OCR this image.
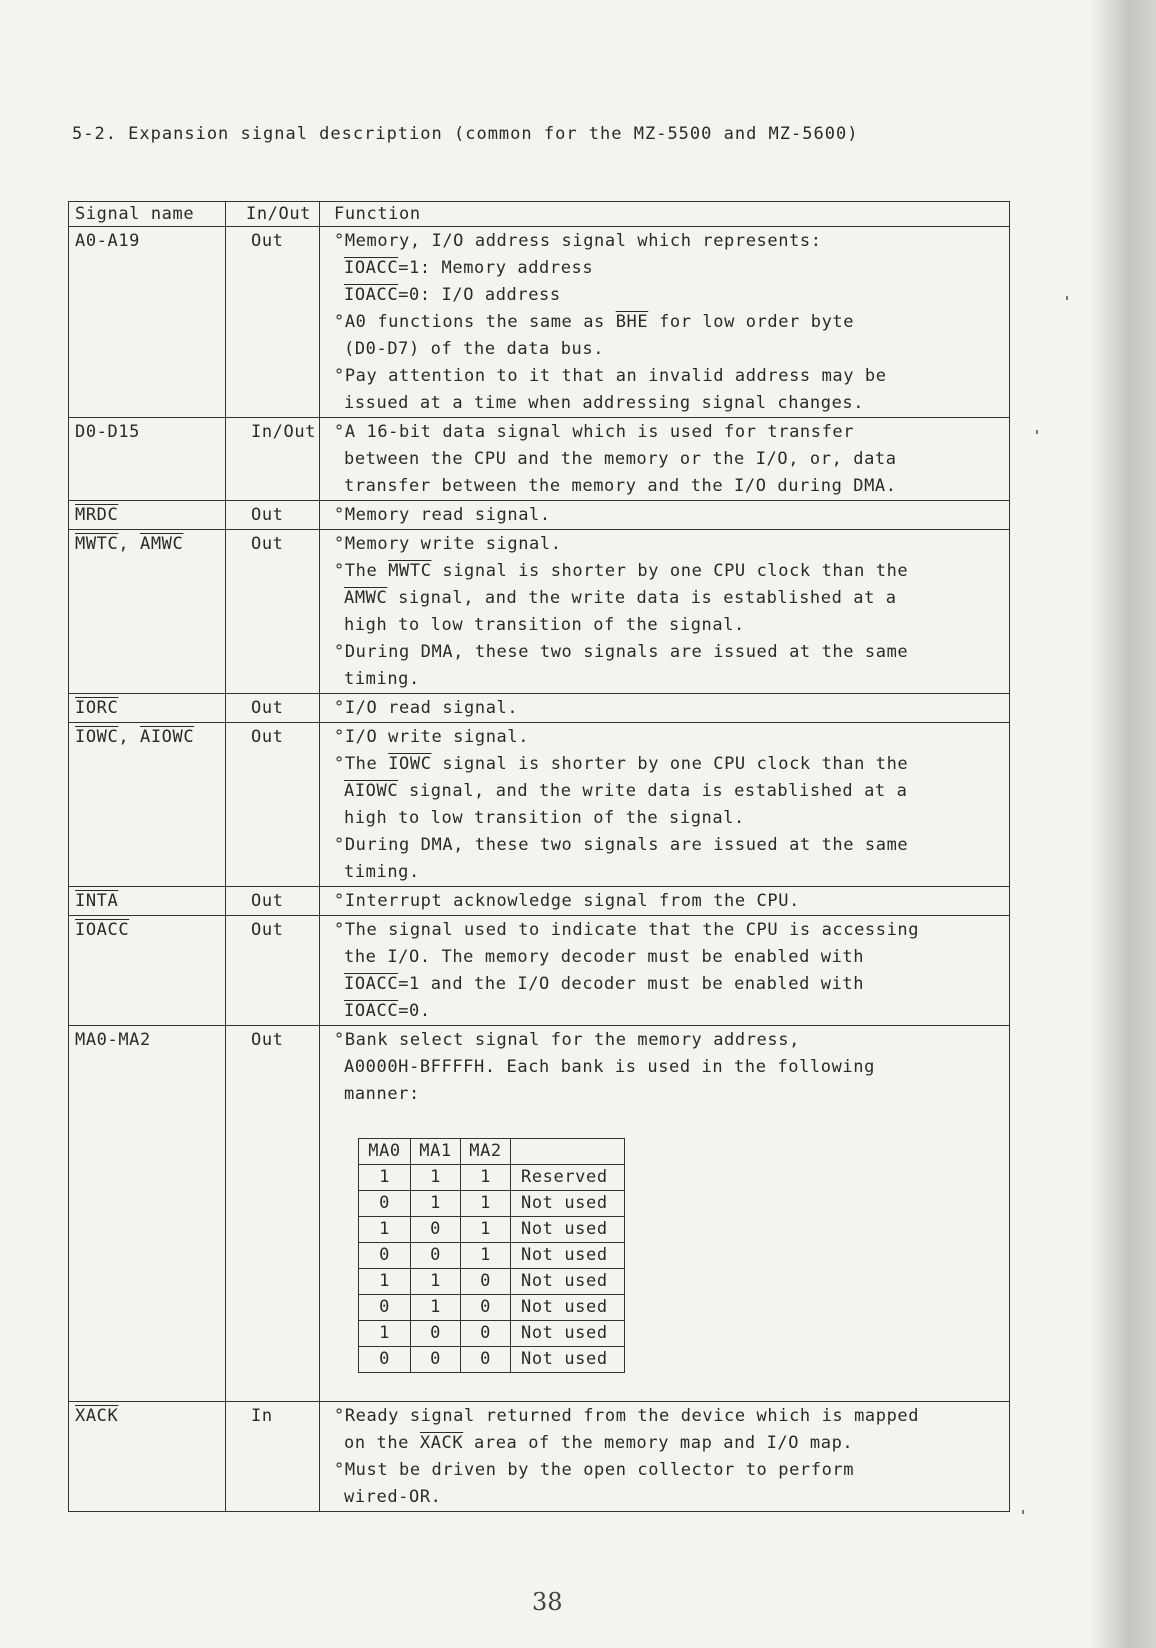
5-2. Expansion signal description (common for the MZ-5500 and MZ-5600)
Signal name	In/Out	Function
A0-A19	Out	°Memory, I/O address signal which represents:
IOACC=1: Memory address
IOACC=0: I/O address
°A0 functions the same as $\overline{BHE}$ for low order byte
(D0-D7) of the data bus.
°Pay attention to it that an invalid address may be
issued at a time when addressing signal changes.

D0-D15	In/Out	°A 16-bit data signal which is used for transfer
between the CPU and the memory or the I/O, or, data
transfer between the memory and the I/O during DMA.

MRDC	Out	°Memory read signal.

MWTC, AMWC	Out	°Memory write signal.
°The MWTC signal is shorter by one CPU clock than the
AMWC signal, and the write data is established at a
high to low transition of the signal.
°During DMA, these two signals are issued at the same
timing.

IORC	Out	°I/O read signal.

IOWC, AIOWC	Out	°I/O write signal.
°The IOWC signal is shorter by one CPU clock than the
AIOWC signal, and the write data is established at a
high to low transition of the signal.
°During DMA, these two signals are issued at the same
timing.

INTA	Out	°Interrupt acknowledge signal from the CPU.

IOACC	Out	°The signal used to indicate that the CPU is accessing
the I/O. The memory decoder must be enabled with
IOACC=1 and the I/O decoder must be enabled with
IOACC=0.

MA0-MA2	Out	°Bank select signal for the memory address,
A0000H-BFFFFH. Each bank is used in the following
manner:
MA0	MA1	MA2	
1	1	1	Reserved
0	1	1	Not used
1	0	1	Not used
0	0	1	Not used
1	1	0	Not used
0	1	0	Not used
1	0	0	Not used
0	0	0	Not used

XACK	In	°Ready signal returned from the device which is mapped
on the XACK area of the memory map and I/O map.
°Must be driven by the open collector to perform
wired-OR.
38
